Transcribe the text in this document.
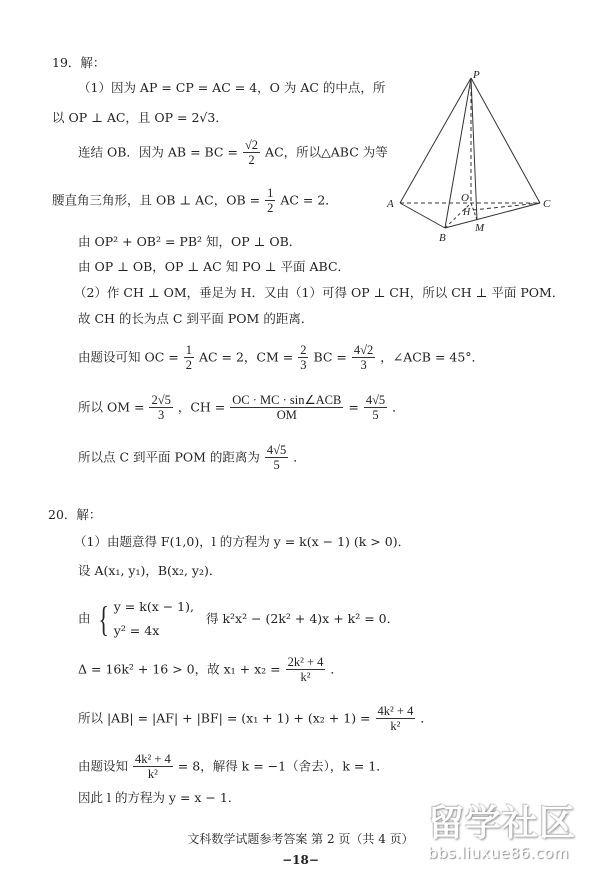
19．解：
（1）因为 AP = CP = AC = 4，O 为 AC 的中点，所
以 OP ⊥ AC，且 OP = 2√3．
连结 OB．因为 AB = BC = $\frac{√2}{2}$ AC，所以△ABC 为等
腰直角三角形，且 OB ⊥ AC，OB = $\frac{1}{2}$ AC = 2．
由 OP² + OB² = PB² 知，OP ⊥ OB．
由 OP ⊥ OB，OP ⊥ AC 知 PO ⊥ 平面 ABC．
（2）作 CH ⊥ OM，垂足为 H．又由（1）可得 OP ⊥ CH，所以 CH ⊥ 平面 POM．
故 CH 的长为点 C 到平面 POM 的距离．
由题设可知 OC = $\frac{1}{2}$ AC = 2，CM = $\frac{2}{3}$ BC = $\frac{4√2}{3}$ ，∠ACB = 45°．
所以 OM = $\frac{2√5}{3}$ ，CH = $\frac{\text{OC · MC · sin∠ACB}}{OM} = \frac{4√5}{5}$ ．
所以点 C 到平面 POM 的距离为 $\frac{4√5}{5}$ ．
P
A
B
C
O
H
M
20．解：
（1）由题意得 F(1,0)，l 的方程为 y = k(x − 1) (k > 0)．
设 A(x₁, y₁)，B(x₂, y₂)．
由 { y = k(x − 1),
y² = 4x
得 k²x² − (2k² + 4)x + k² = 0．
Δ = 16k² + 16 > 0，故 $x_1 + x_2 = \frac{\text{2k² + 4}}{\text{k²}}$ ．
所以 $|AB| = |AF| + |BF| = (x_1 + 1) + (x_2 + 1) = \frac{\text{4k² + 4}}{\text{k²}}$ ．
由题设知 $\frac{\text{4k² + 4}}{\text{k²}} = 8$，解得 k = −1（舍去），k = 1．
因此 l 的方程为 y = x − 1．
文科数学试题参考答案 第 2 页（共 4 页）
−18−
留学社区
bbs.liuxue86.com
